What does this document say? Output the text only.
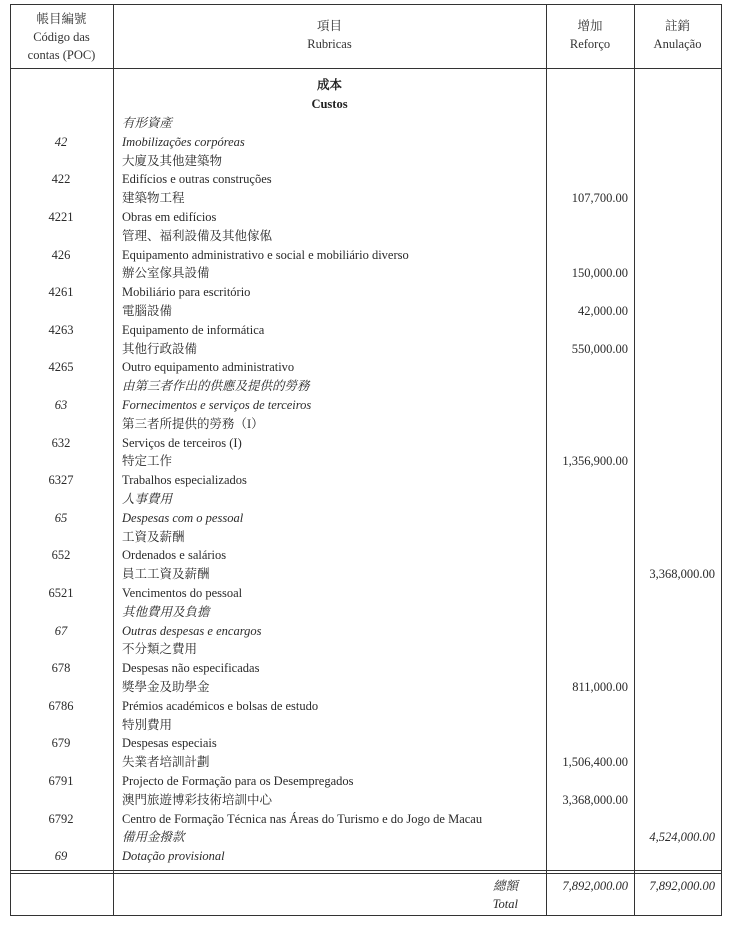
帳目編號
Código das
contas (POC)
項目
Rubricas
增加
Reforço
註銷
Anulação
成本
Custos
42
有形資產
Imobilizações corpóreas
422
大廈及其他建築物
Edifícios e outras construções
4221
建築物工程
Obras em edifícios
107,700.00
426
管理、福利設備及其他傢俬
Equipamento administrativo e social e mobiliário diverso
4261
辦公室傢具設備
Mobiliário para escritório
150,000.00
4263
電腦設備
Equipamento de informática
42,000.00
4265
其他行政設備
Outro equipamento administrativo
550,000.00
63
由第三者作出的供應及提供的勞務
Fornecimentos e serviços de terceiros
632
第三者所提供的勞務（I）
Serviços de terceiros (I)
6327
特定工作
Trabalhos especializados
1,356,900.00
65
人事費用
Despesas com o pessoal
652
工資及薪酬
Ordenados e salários
6521
員工工資及薪酬
Vencimentos do pessoal
3,368,000.00
67
其他費用及負擔
Outras despesas e encargos
678
不分類之費用
Despesas não especificadas
6786
獎學金及助學金
Prémios académicos e bolsas de estudo
811,000.00
679
特別費用
Despesas especiais
6791
失業者培訓計劃
Projecto de Formação para os Desempregados
1,506,400.00
6792
澳門旅遊博彩技術培訓中心
Centro de Formação Técnica nas Áreas do Turismo e do Jogo de Macau
3,368,000.00
69
備用金撥款
Dotação provisional
4,524,000.00
總額
Total
7,892,000.00	7,892,000.00
